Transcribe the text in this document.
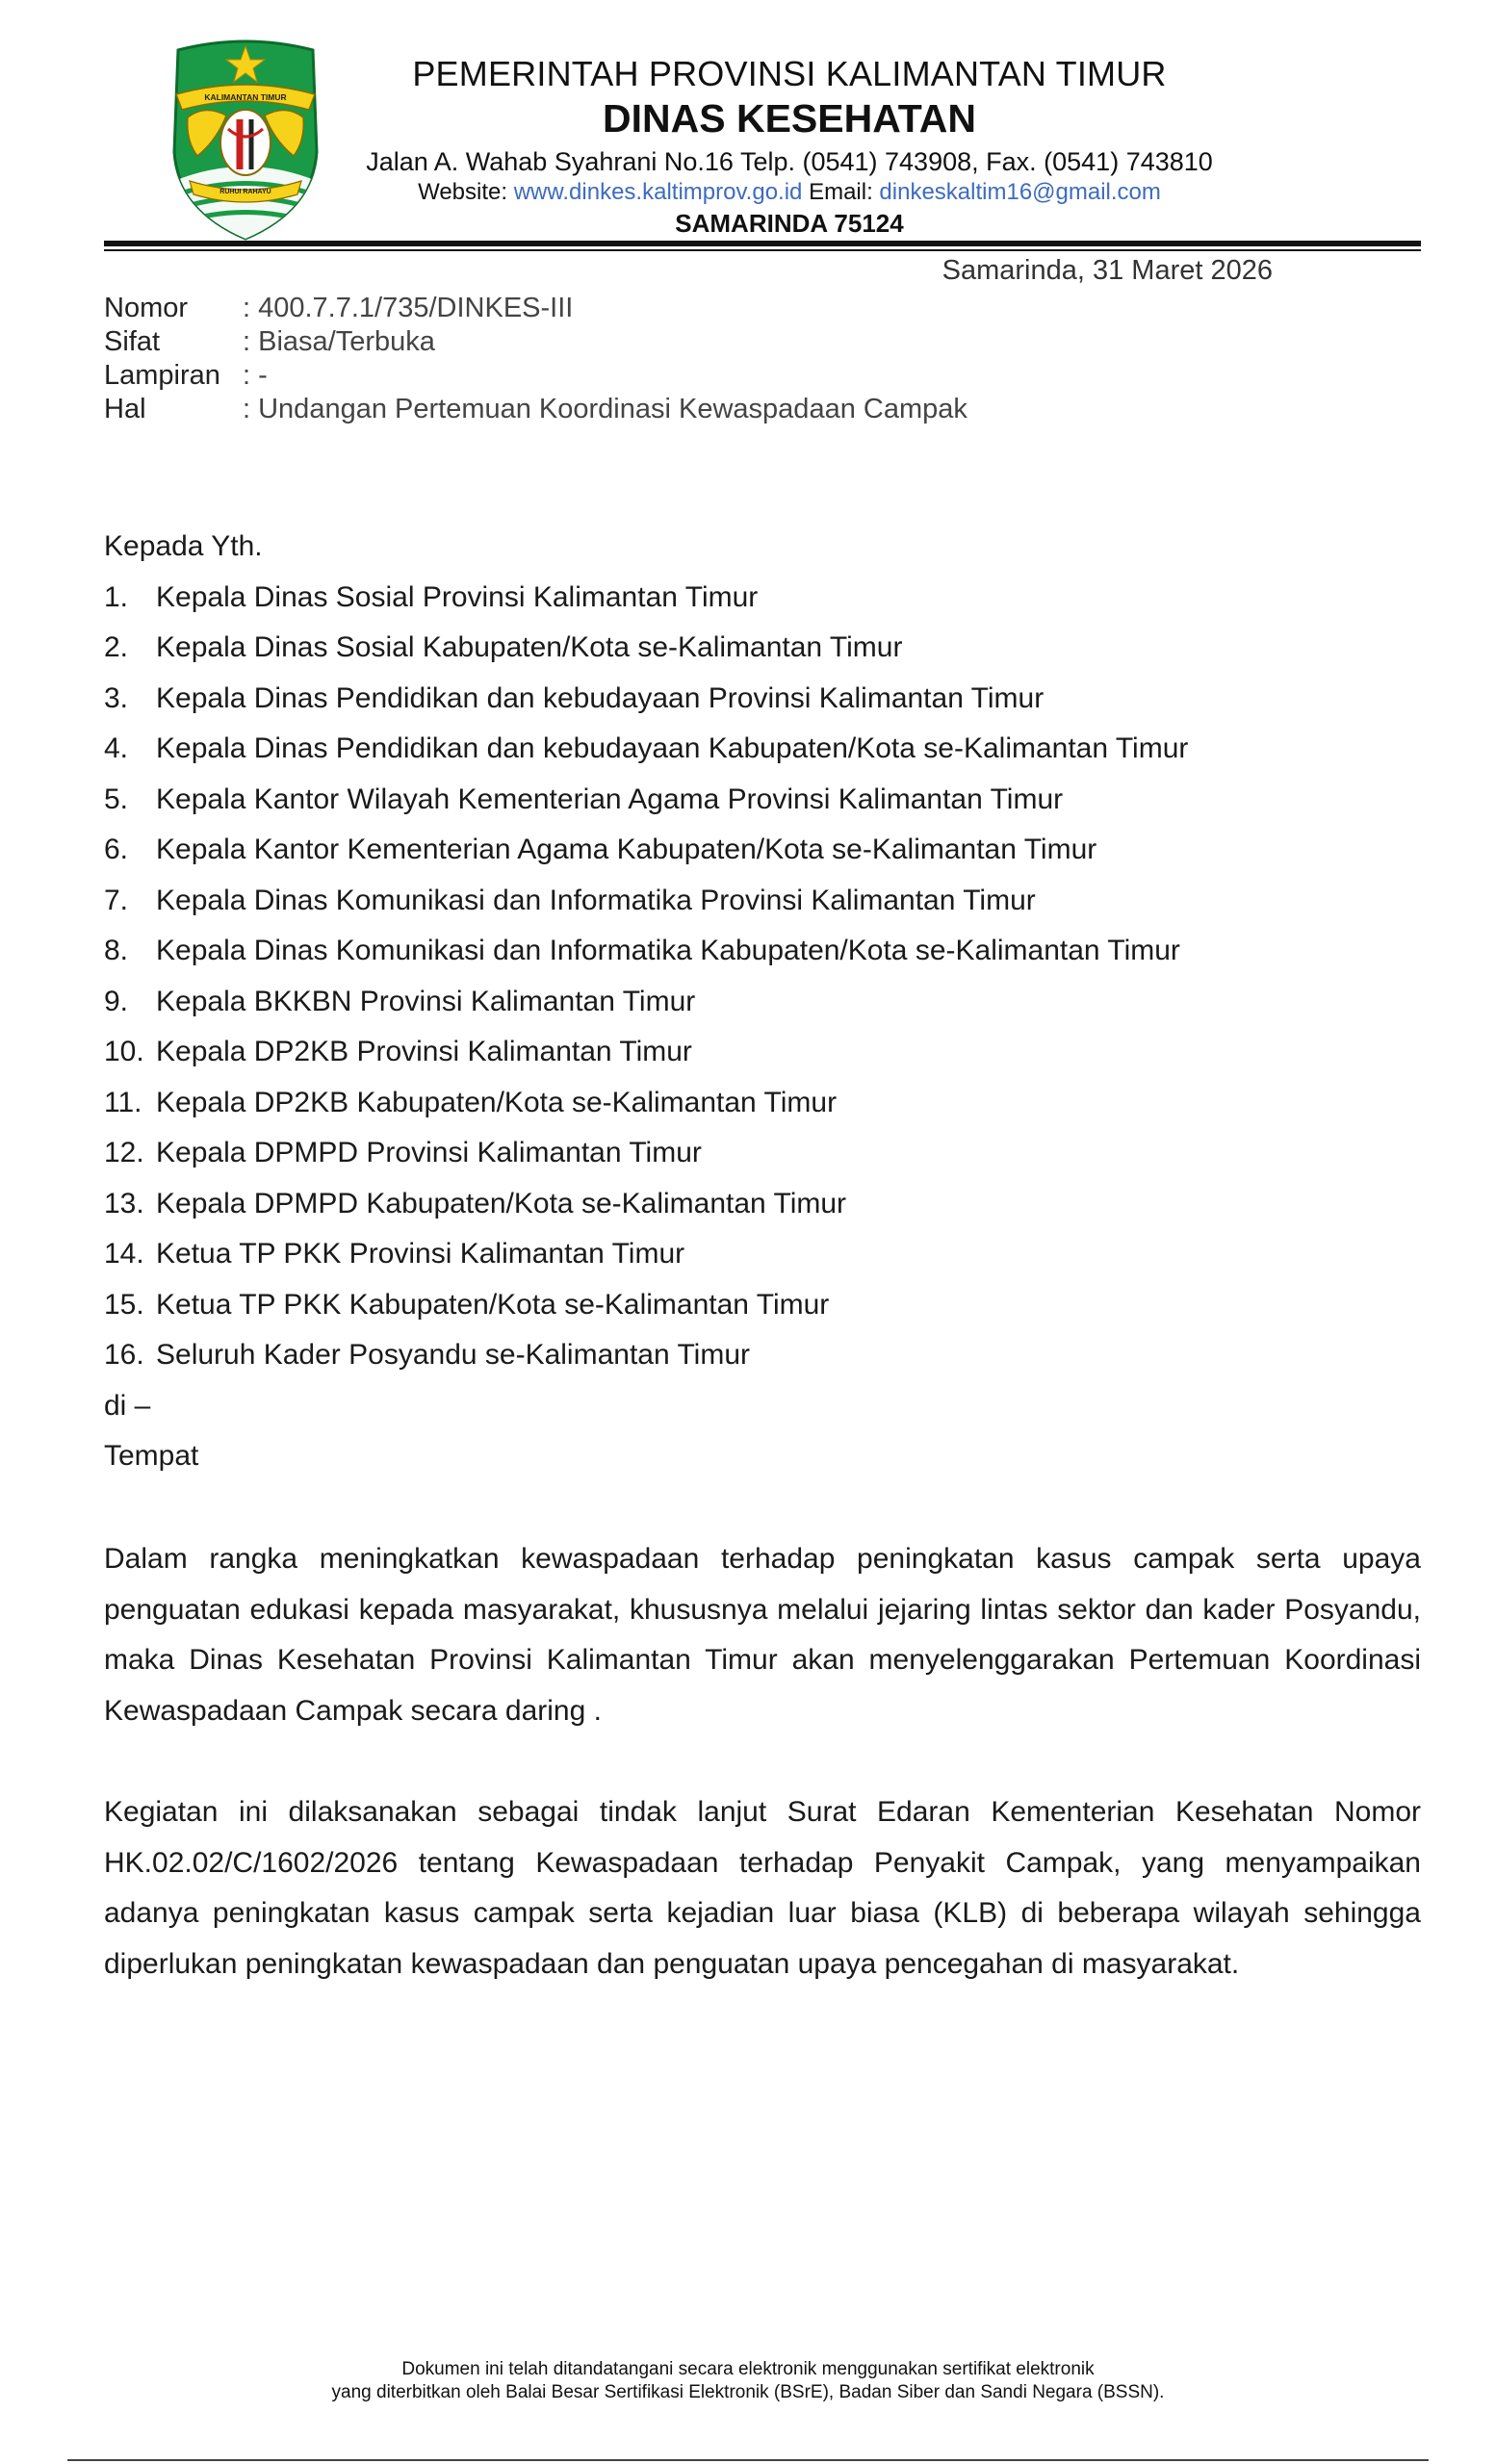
KALIMANTAN TIMUR
RUHUI RAHAYU
PEMERINTAH PROVINSI KALIMANTAN TIMUR
DINAS KESEHATAN
Jalan A. Wahab Syahrani No.16 Telp. (0541) 743908, Fax. (0541) 743810
Website: www.dinkes.kaltimprov.go.id Email: dinkeskaltim16@gmail.com
SAMARINDA 75124
Samarinda, 31 Maret 2026
Nomor	: 400.7.7.1/735/DINKES-III
Sifat	: Biasa/Terbuka
Lampiran : -
Hal	: Undangan Pertemuan Koordinasi Kewaspadaan Campak
Kepada Yth.
1. Kepala Dinas Sosial Provinsi Kalimantan Timur
2. Kepala Dinas Sosial Kabupaten/Kota se-Kalimantan Timur
3. Kepala Dinas Pendidikan dan kebudayaan Provinsi Kalimantan Timur
4. Kepala Dinas Pendidikan dan kebudayaan Kabupaten/Kota se-Kalimantan Timur
5. Kepala Kantor Wilayah Kementerian Agama Provinsi Kalimantan Timur
6. Kepala Kantor Kementerian Agama Kabupaten/Kota se-Kalimantan Timur
7. Kepala Dinas Komunikasi dan Informatika Provinsi Kalimantan Timur
8. Kepala Dinas Komunikasi dan Informatika Kabupaten/Kota se-Kalimantan Timur
9. Kepala BKKBN Provinsi Kalimantan Timur
10. Kepala DP2KB Provinsi Kalimantan Timur
11. Kepala DP2KB Kabupaten/Kota se-Kalimantan Timur
12. Kepala DPMPD Provinsi Kalimantan Timur
13. Kepala DPMPD Kabupaten/Kota se-Kalimantan Timur
14. Ketua TP PKK Provinsi Kalimantan Timur
15. Ketua TP PKK Kabupaten/Kota se-Kalimantan Timur
16. Seluruh Kader Posyandu se-Kalimantan Timur
di –
Tempat
Dalam rangka meningkatkan kewaspadaan terhadap peningkatan kasus campak serta upaya penguatan edukasi kepada masyarakat, khususnya melalui jejaring lintas sektor dan kader Posyandu, maka Dinas Kesehatan Provinsi Kalimantan Timur akan menyelenggarakan Pertemuan Koordinasi Kewaspadaan Campak secara daring .
Kegiatan ini dilaksanakan sebagai tindak lanjut Surat Edaran Kementerian Kesehatan Nomor HK.02.02/C/1602/2026 tentang Kewaspadaan terhadap Penyakit Campak, yang menyampaikan adanya peningkatan kasus campak serta kejadian luar biasa (KLB) di beberapa wilayah sehingga diperlukan peningkatan kewaspadaan dan penguatan upaya pencegahan di masyarakat.
Dokumen ini telah ditandatangani secara elektronik menggunakan sertifikat elektronik
yang diterbitkan oleh Balai Besar Sertifikasi Elektronik (BSrE), Badan Siber dan Sandi Negara (BSSN).
